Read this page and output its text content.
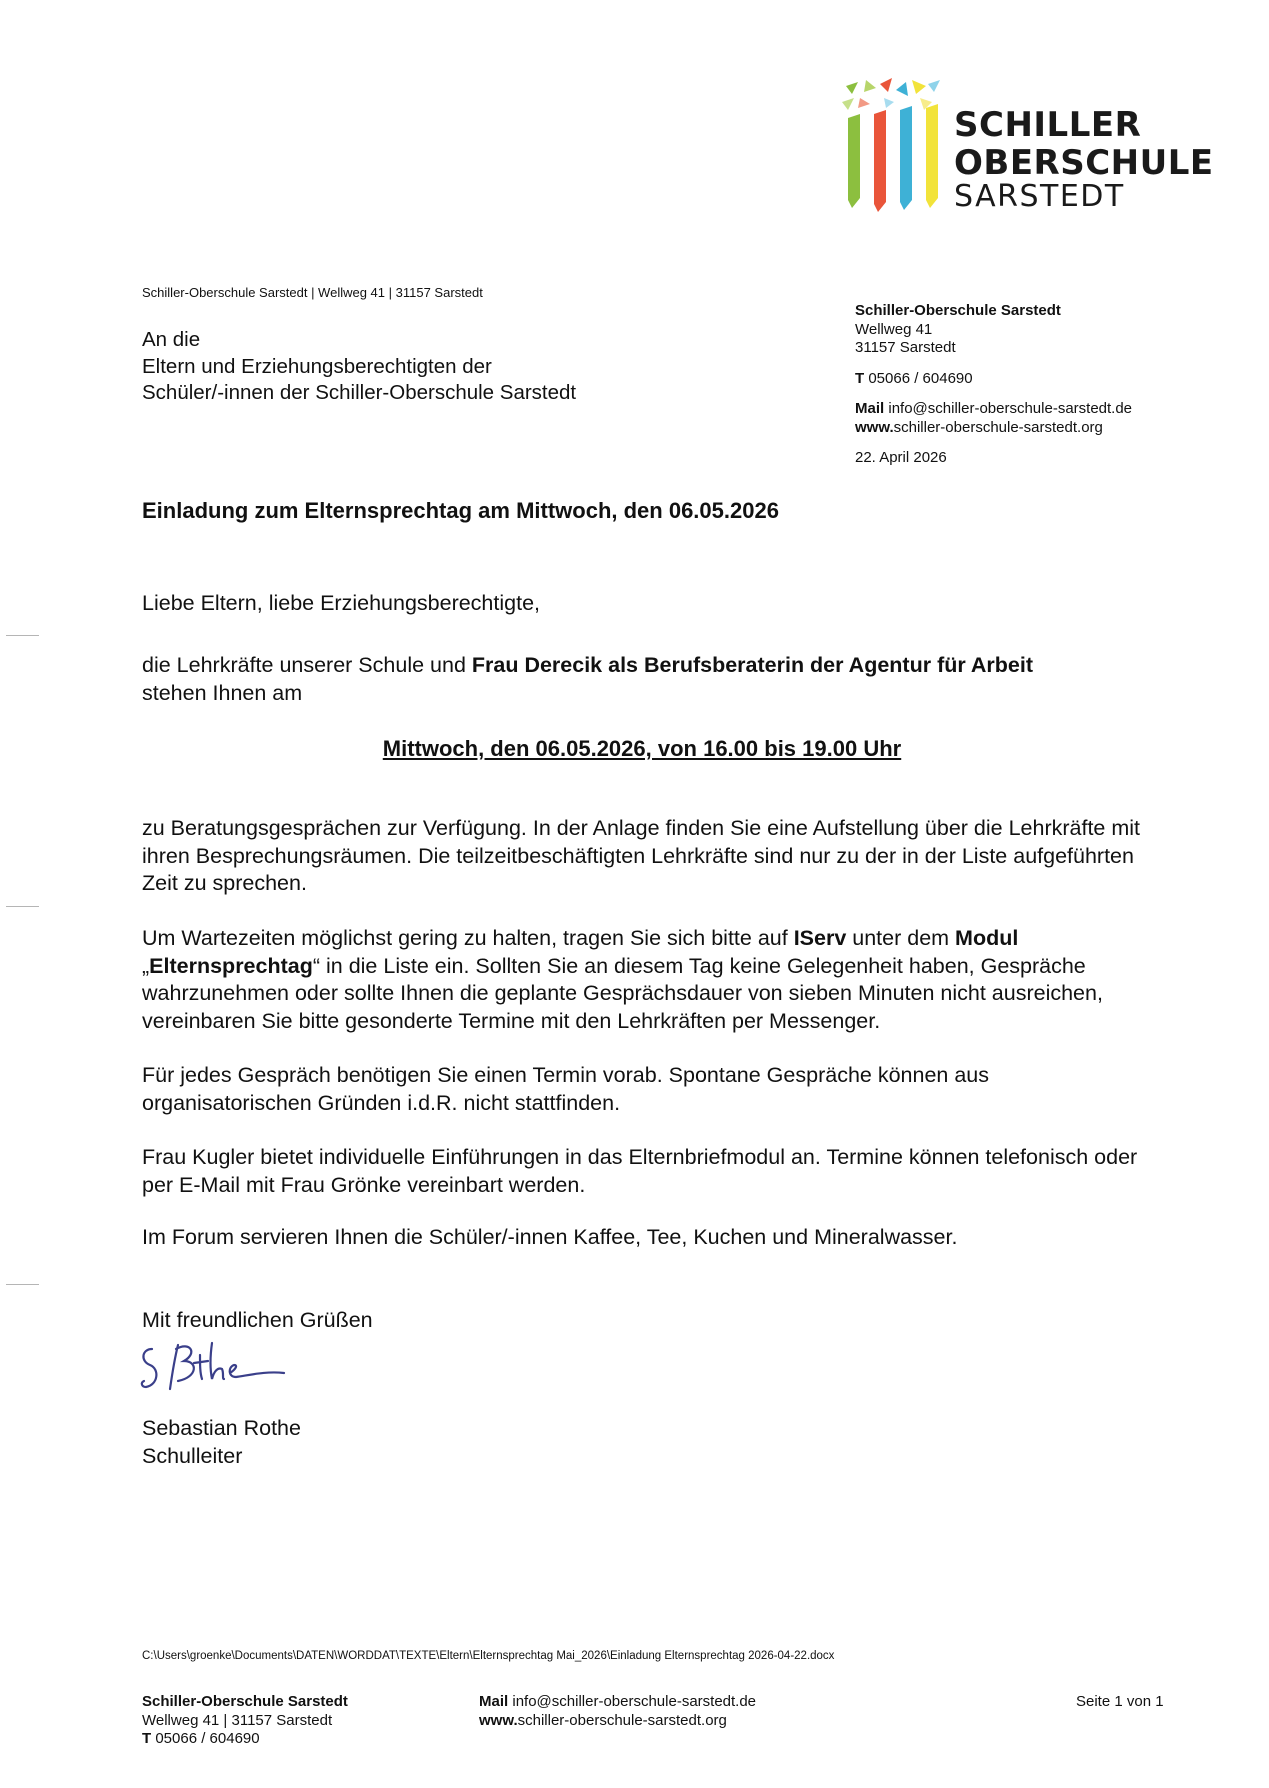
SCHILLER
OBERSCHULE
SARSTEDT
Schiller-Oberschule Sarstedt | Wellweg 41 | 31157 Sarstedt
An die
Eltern und Erziehungsberechtigten der
Schüler/-innen der Schiller-Oberschule Sarstedt
Schiller-Oberschule Sarstedt
Wellweg 41
31157 Sarstedt
T 05066 / 604690
Mail info@schiller-oberschule-sarstedt.de
www.schiller-oberschule-sarstedt.org
22. April 2026
Einladung zum Elternsprechtag am Mittwoch, den 06.05.2026
Liebe Eltern, liebe Erziehungsberechtigte,
die Lehrkräfte unserer Schule und Frau Derecik als Berufsberaterin der Agentur für Arbeit
stehen Ihnen am
Mittwoch, den 06.05.2026, von 16.00 bis 19.00 Uhr
zu Beratungsgesprächen zur Verfügung. In der Anlage finden Sie eine Aufstellung über die Lehrkräfte mit ihren Besprechungsräumen. Die teilzeitbeschäftigten Lehrkräfte sind nur zu der in der Liste aufgeführten Zeit zu sprechen.
Um Wartezeiten möglichst gering zu halten, tragen Sie sich bitte auf IServ unter dem Modul
„Elternsprechtag“ in die Liste ein. Sollten Sie an diesem Tag keine Gelegenheit haben, Gespräche wahrzunehmen oder sollte Ihnen die geplante Gesprächsdauer von sieben Minuten nicht ausreichen, vereinbaren Sie bitte gesonderte Termine mit den Lehrkräften per Messenger.
Für jedes Gespräch benötigen Sie einen Termin vorab. Spontane Gespräche können aus organisatorischen Gründen i.d.R. nicht stattfinden.
Frau Kugler bietet individuelle Einführungen in das Elternbriefmodul an. Termine können telefonisch oder per E-Mail mit Frau Grönke vereinbart werden.
Im Forum servieren Ihnen die Schüler/-innen Kaffee, Tee, Kuchen und Mineralwasser.
Mit freundlichen Grüßen
Sebastian Rothe
Schulleiter
C:\Users\groenke\Documents\DATEN\WORDDAT\TEXTE\Eltern\Elternsprechtag Mai_2026\Einladung Elternsprechtag 2026-04-22.docx
Schiller-Oberschule Sarstedt
Wellweg 41 | 31157 Sarstedt
T 05066 / 604690
Mail info@schiller-oberschule-sarstedt.de
www.schiller-oberschule-sarstedt.org
Seite 1 von 1
